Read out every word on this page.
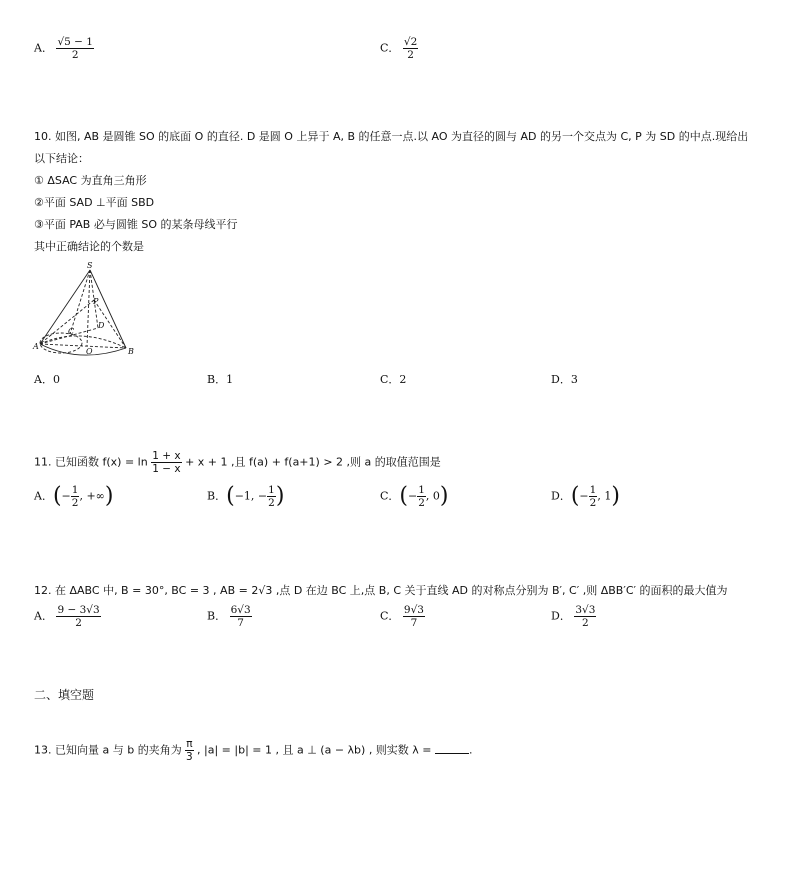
A． $\frac{√5 - 1}{2}$	C． $\frac{√2}{2}$
10. 如图, AB 是圆锥 SO 的底面 O 的直径. D 是圆 O 上异于 A, B 的任意一点.以 AO 为直径的圆与 AD 的另一个交点为 C, P 为 SD 的中点.现给出
以下结论：
① ΔSAC 为直角三角形
②平面 SAD ⊥平面 SBD
③平面 PAB 必与圆锥 SO 的某条母线平行
其中正确结论的个数是
S
P
D
C
A
O	B
A．0	B．1	C．2	D．3
11. 已知函数 $f(x) = \ln \frac{1 + x}{1 - x} + x + 1$ ,且 f(a) + f(a+1) > 2 ,则 a 的取值范围是
A．(− $\frac{1}{2}$ , +∞)	B．(−1, − $\frac{1}{2}$ )	C．(− $\frac{1}{2}$ , 0)	D．(− $\frac{1}{2}$ , 1)
12. 在 ΔABC 中, B = 30°, BC = 3 , AB = 2√3 ,点 D 在边 BC 上,点 B, C 关于直线 AD 的对称点分别为 B′, C′ ,则 ΔBB′C′ 的面积的最大值为
A． $\frac{9 - 3√3}{2}$	B． $\frac{6√3}{7}$	C． $\frac{9√3}{7}$	D． $\frac{3√3}{2}$
二、填空题
13. 已知向量 a 与 b 的夹角为 $\frac{\pi}{3}$ , |a| = |b| = 1 , 且 a ⊥ (a − λb) , 则实数 λ =	.
